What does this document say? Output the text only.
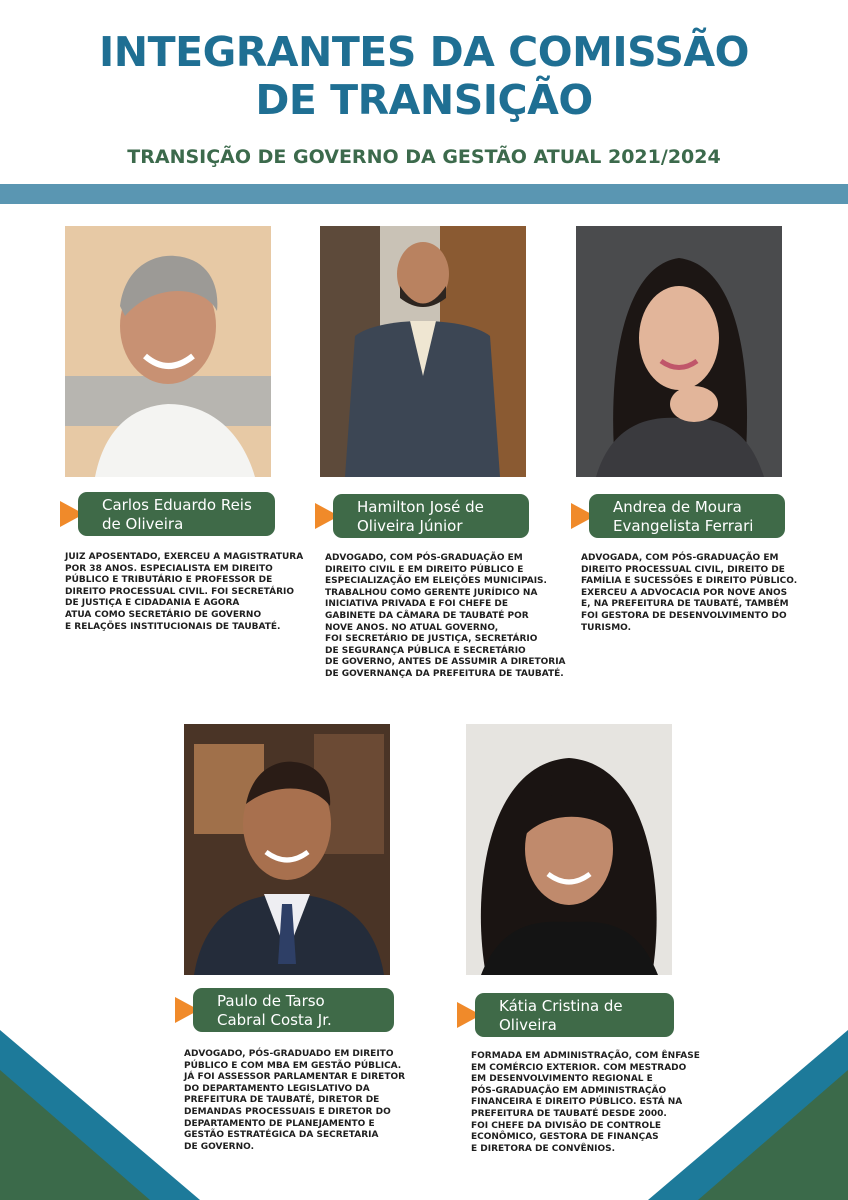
INTEGRANTES DA COMISSÃO
DE TRANSIÇÃO
TRANSIÇÃO DE GOVERNO DA GESTÃO ATUAL 2021/2024
Carlos Eduardo Reis
de Oliveira

JUIZ APOSENTADO, EXERCEU A MAGISTRATURA
POR 38 ANOS. ESPECIALISTA EM DIREITO
PÚBLICO E TRIBUTÁRIO E PROFESSOR DE
DIREITO PROCESSUAL CIVIL. FOI SECRETÁRIO
DE JUSTIÇA E CIDADANIA E AGORA
ATUA COMO SECRETÁRIO DE GOVERNO
E RELAÇÕES INSTITUCIONAIS DE TAUBATÉ.

Hamilton José de
Oliveira Júnior

ADVOGADO, COM PÓS-GRADUAÇÃO EM
DIREITO CIVIL E EM DIREITO PÚBLICO E
ESPECIALIZAÇÃO EM ELEIÇÕES MUNICIPAIS.
TRABALHOU COMO GERENTE JURÍDICO NA
INICIATIVA PRIVADA E FOI CHEFE DE
GABINETE DA CÂMARA DE TAUBATÉ POR
NOVE ANOS. NO ATUAL GOVERNO,
FOI SECRETÁRIO DE JUSTIÇA, SECRETÁRIO
DE SEGURANÇA PÚBLICA E SECRETÁRIO
DE GOVERNO, ANTES DE ASSUMIR A DIRETORIA
DE GOVERNANÇA DA PREFEITURA DE TAUBATÉ.

Andrea de Moura
Evangelista Ferrari

ADVOGADA, COM PÓS-GRADUAÇÃO EM
DIREITO PROCESSUAL CIVIL, DIREITO DE
FAMÍLIA E SUCESSÕES E DIREITO PÚBLICO.
EXERCEU A ADVOCACIA POR NOVE ANOS
E, NA PREFEITURA DE TAUBATÉ, TAMBÉM
FOI GESTORA DE DESENVOLVIMENTO DO
TURISMO.

Paulo de Tarso
Cabral Costa Jr.

ADVOGADO, PÓS-GRADUADO EM DIREITO
PÚBLICO E COM MBA EM GESTÃO PÚBLICA.
JÁ FOI ASSESSOR PARLAMENTAR E DIRETOR
DO DEPARTAMENTO LEGISLATIVO DA
PREFEITURA DE TAUBATÉ, DIRETOR DE
DEMANDAS PROCESSUAIS E DIRETOR DO
DEPARTAMENTO DE PLANEJAMENTO E
GESTÃO ESTRATÉGICA DA SECRETARIA
DE GOVERNO.

Kátia Cristina de
Oliveira

FORMADA EM ADMINISTRAÇÃO, COM ÊNFASE
EM COMÉRCIO EXTERIOR. COM MESTRADO
EM DESENVOLVIMENTO REGIONAL E
PÓS-GRADUAÇÃO EM ADMINISTRAÇÃO
FINANCEIRA E DIREITO PÚBLICO. ESTÁ NA
PREFEITURA DE TAUBATÉ DESDE 2000.
FOI CHEFE DA DIVISÃO DE CONTROLE
ECONÔMICO, GESTORA DE FINANÇAS
E DIRETORA DE CONVÊNIOS.
